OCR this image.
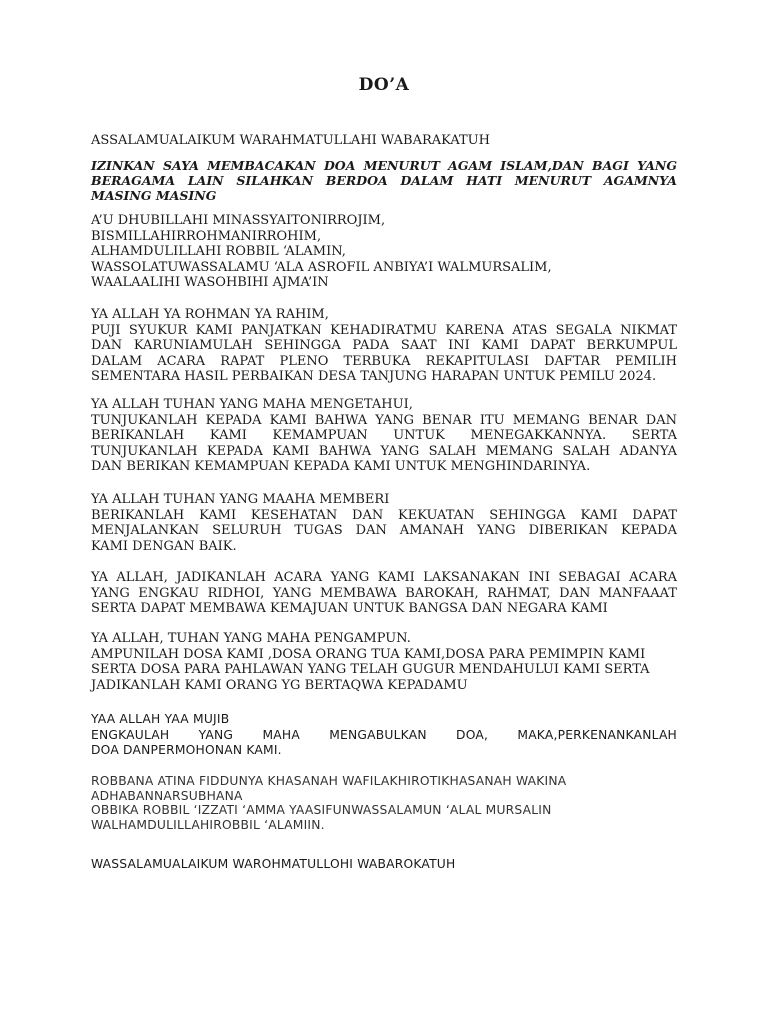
DO’A
ASSALAMUALAIKUM WARAHMATULLAHI WABARAKATUH
IZINKAN SAYA MEMBACAKAN DOA MENURUT AGAM ISLAM,DAN BAGI YANG
BERAGAMA LAIN SILAHKAN BERDOA DALAM HATI MENURUT AGAMNYA
MASING MASING
A’U DHUBILLAHI MINASSYAITONIRROJIM,
BISMILLAHIRROHMANIRROHIM,
ALHAMDULILLAHI ROBBIL ‘ALAMIN,
WASSOLATUWASSALAMU ‘ALA ASROFIL ANBIYA’I WALMURSALIM,
WAALAALIHI WASOHBIHI AJMA’IN
YA ALLAH YA ROHMAN YA RAHIM,
PUJI SYUKUR KAMI PANJATKAN KEHADIRATMU KARENA ATAS SEGALA NIKMAT
DAN KARUNIAMULAH SEHINGGA PADA SAAT INI KAMI DAPAT BERKUMPUL
DALAM ACARA RAPAT PLENO TERBUKA REKAPITULASI DAFTAR PEMILIH
SEMENTARA HASIL PERBAIKAN DESA TANJUNG HARAPAN UNTUK PEMILU 2024.
YA ALLAH TUHAN YANG MAHA MENGETAHUI,
TUNJUKANLAH KEPADA KAMI BAHWA YANG BENAR ITU MEMANG BENAR DAN
BERIKANLAH KAMI KEMAMPUAN UNTUK MENEGAKKANNYA. SERTA
TUNJUKANLAH KEPADA KAMI BAHWA YANG SALAH MEMANG SALAH ADANYA
DAN BERIKAN KEMAMPUAN KEPADA KAMI UNTUK MENGHINDARINYA.
YA ALLAH TUHAN YANG MAAHA MEMBERI
BERIKANLAH KAMI KESEHATAN DAN KEKUATAN SEHINGGA KAMI DAPAT
MENJALANKAN SELURUH TUGAS DAN AMANAH YANG DIBERIKAN KEPADA
KAMI DENGAN BAIK.
YA ALLAH, JADIKANLAH ACARA YANG KAMI LAKSANAKAN INI SEBAGAI ACARA
YANG ENGKAU RIDHOI, YANG MEMBAWA BAROKAH, RAHMAT, DAN MANFAAAT
SERTA DAPAT MEMBAWA KEMAJUAN UNTUK BANGSA DAN NEGARA KAMI
YA ALLAH, TUHAN YANG MAHA PENGAMPUN.
AMPUNILAH DOSA KAMI ,DOSA ORANG TUA KAMI,DOSA PARA PEMIMPIN KAMI
SERTA DOSA PARA PAHLAWAN YANG TELAH GUGUR MENDAHULUI KAMI SERTA
JADIKANLAH KAMI ORANG YG BERTAQWA KEPADAMU
YAA ALLAH YAA MUJIB
ENGKAULAH YANG MAHA MENGABULKAN DOA, MAKA,PERKENANKANLAH
DOA DANPERMOHONAN KAMI.
ROBBANA ATINA FIDDUNYA KHASANAH WAFILAKHIROTIKHASANAH WAKINA
ADHABANNARSUBHANA
OBBIKA ROBBIL ‘IZZATI ‘AMMA YAASIFUNWASSALAMUN ‘ALAL MURSALIN
WALHAMDULILLAHIROBBIL ‘ALAMIIN.
WASSALAMUALAIKUM WAROHMATULLOHI WABAROKATUH
